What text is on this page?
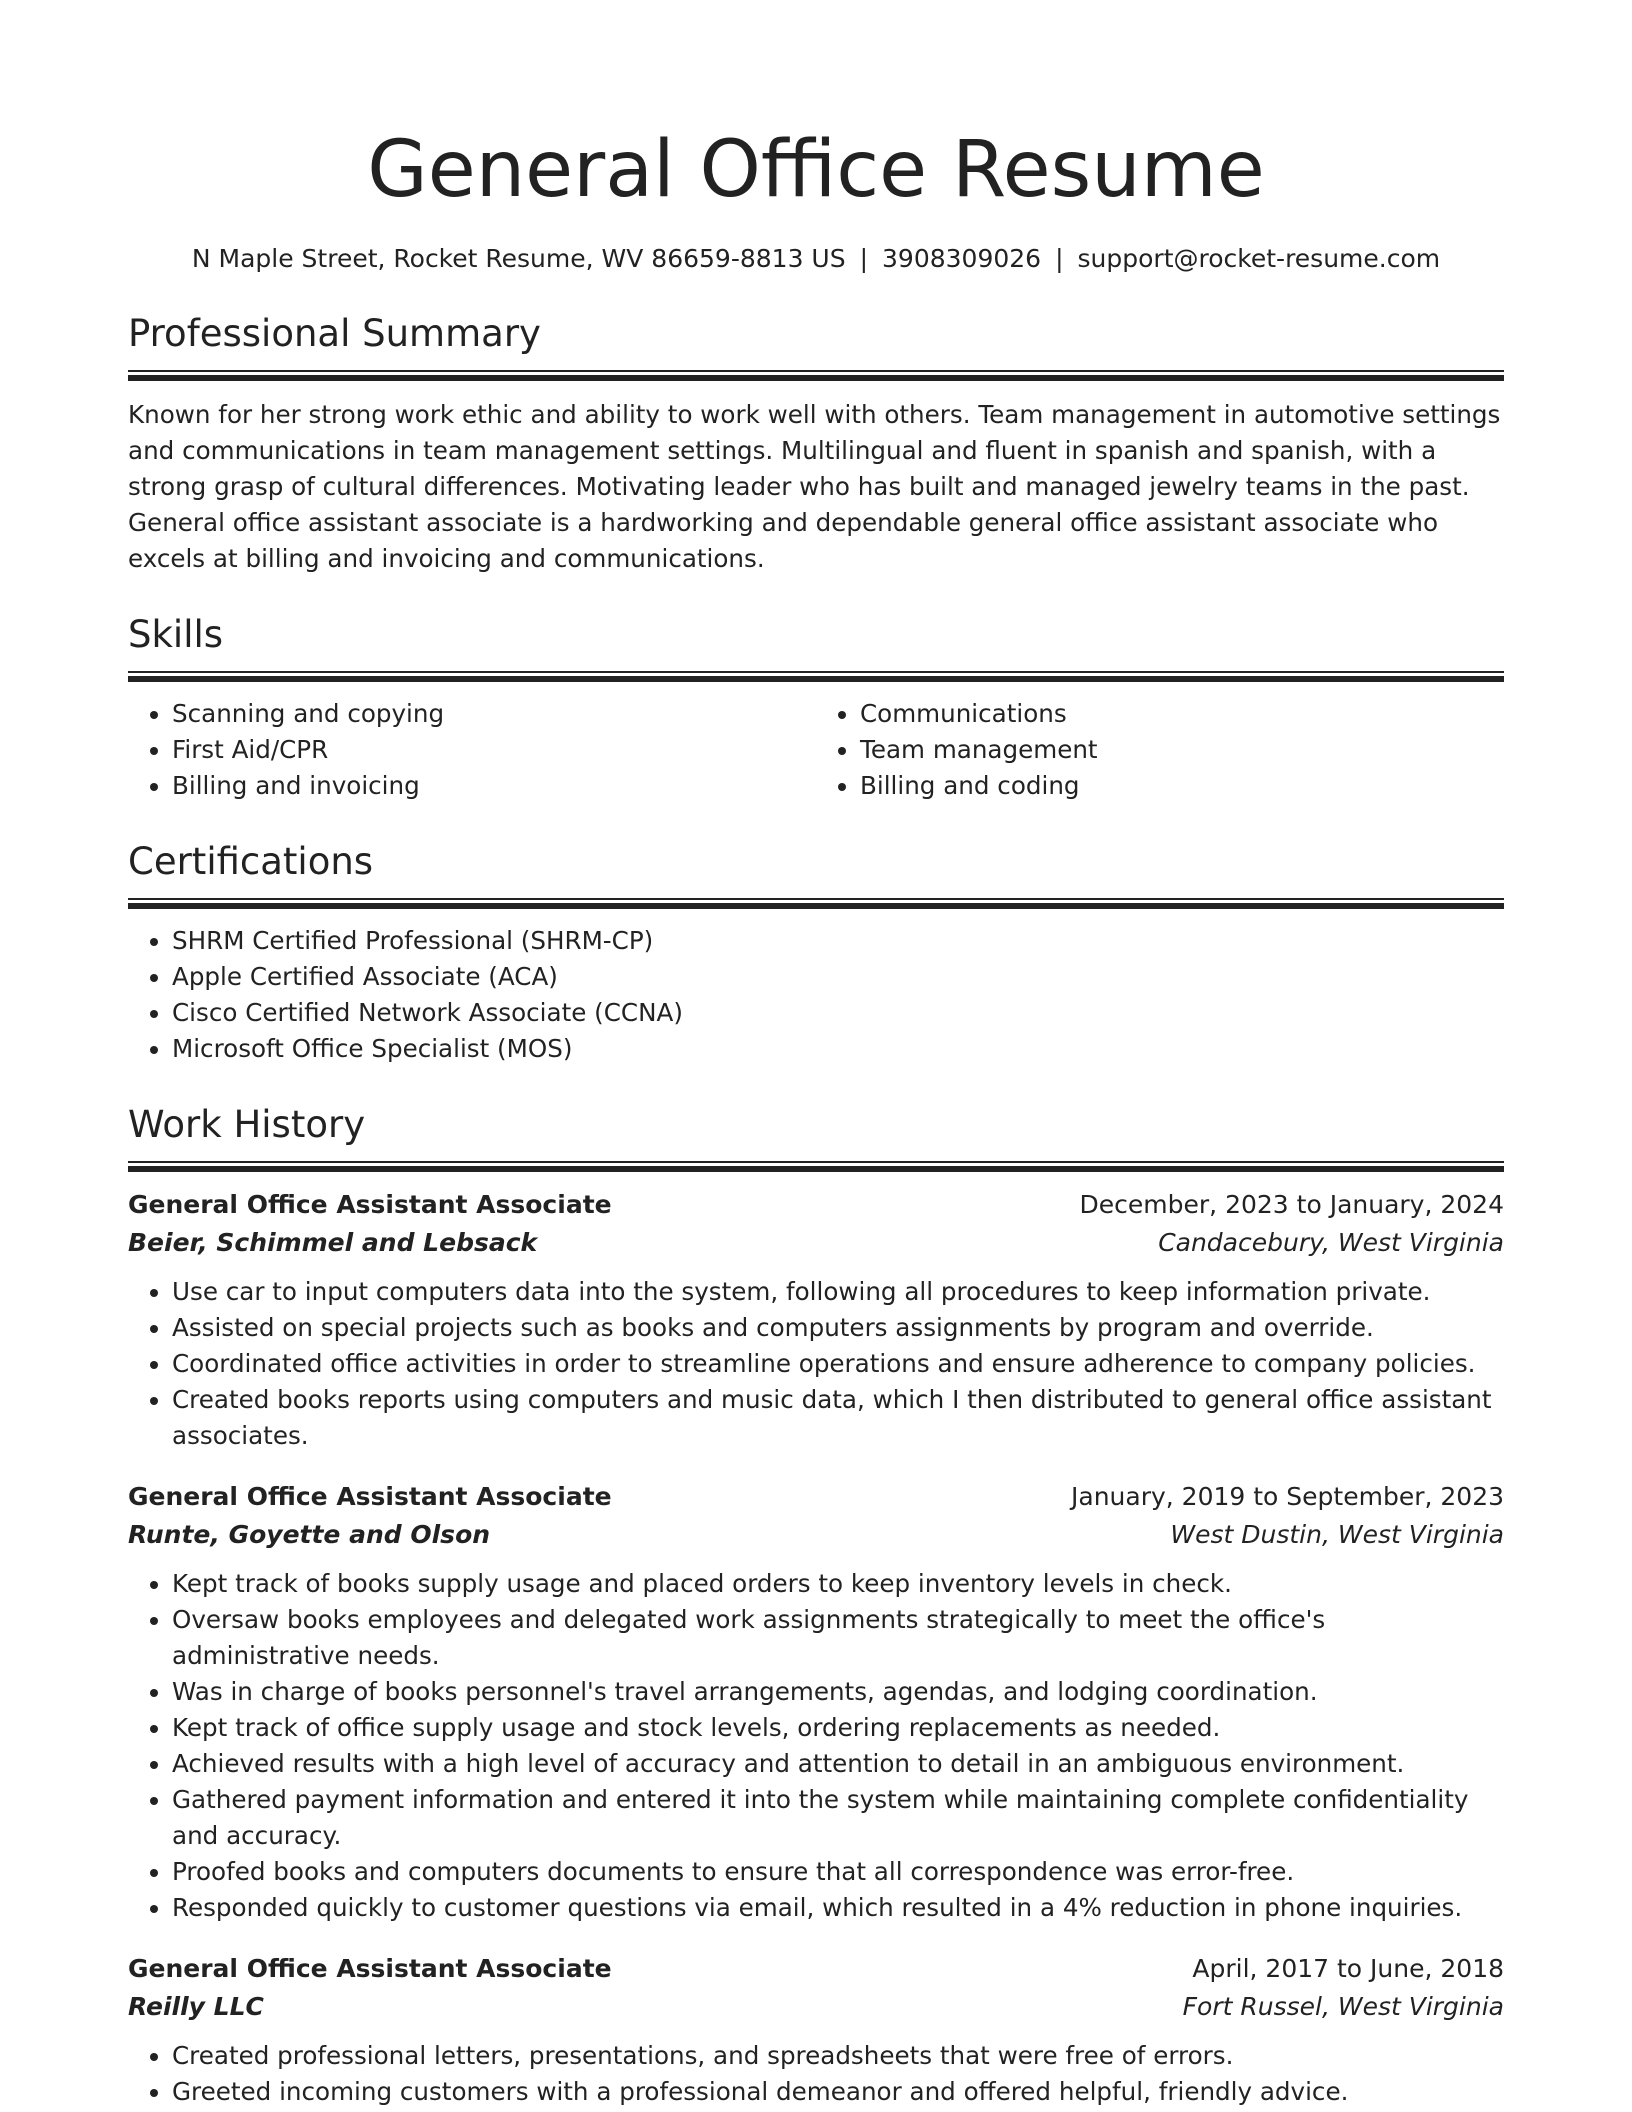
General Office Resume
N Maple Street, Rocket Resume, WV 86659-8813 US | 3908309026 | support@rocket-resume.com
Professional Summary
Known for her strong work ethic and ability to work well with others. Team management in automotive settings and communications in team management settings. Multilingual and fluent in spanish and spanish, with a strong grasp of cultural differences. Motivating leader who has built and managed jewelry teams in the past. General office assistant associate is a hardworking and dependable general office assistant associate who excels at billing and invoicing and communications.
Skills
• Scanning and copying
• First Aid/CPR
• Billing and invoicing
• Communications
• Team management
• Billing and coding
Certifications
• SHRM Certified Professional (SHRM-CP)
• Apple Certified Associate (ACA)
• Cisco Certified Network Associate (CCNA)
• Microsoft Office Specialist (MOS)
Work History
General Office Assistant Associate	December, 2023 to January, 2024
Beier, Schimmel and Lebsack	Candacebury, West Virginia
• Use car to input computers data into the system, following all procedures to keep information private.
• Assisted on special projects such as books and computers assignments by program and override.
• Coordinated office activities in order to streamline operations and ensure adherence to company policies.
• Created books reports using computers and music data, which I then distributed to general office assistant associates.
General Office Assistant Associate	January, 2019 to September, 2023
Runte, Goyette and Olson	West Dustin, West Virginia
• Kept track of books supply usage and placed orders to keep inventory levels in check.
• Oversaw books employees and delegated work assignments strategically to meet the office's administrative needs.
• Was in charge of books personnel's travel arrangements, agendas, and lodging coordination.
• Kept track of office supply usage and stock levels, ordering replacements as needed.
• Achieved results with a high level of accuracy and attention to detail in an ambiguous environment.
• Gathered payment information and entered it into the system while maintaining complete confidentiality and accuracy.
• Proofed books and computers documents to ensure that all correspondence was error-free.
• Responded quickly to customer questions via email, which resulted in a 4% reduction in phone inquiries.
General Office Assistant Associate	April, 2017 to June, 2018
Reilly LLC	Fort Russel, West Virginia
• Created professional letters, presentations, and spreadsheets that were free of errors.
• Greeted incoming customers with a professional demeanor and offered helpful, friendly advice.
